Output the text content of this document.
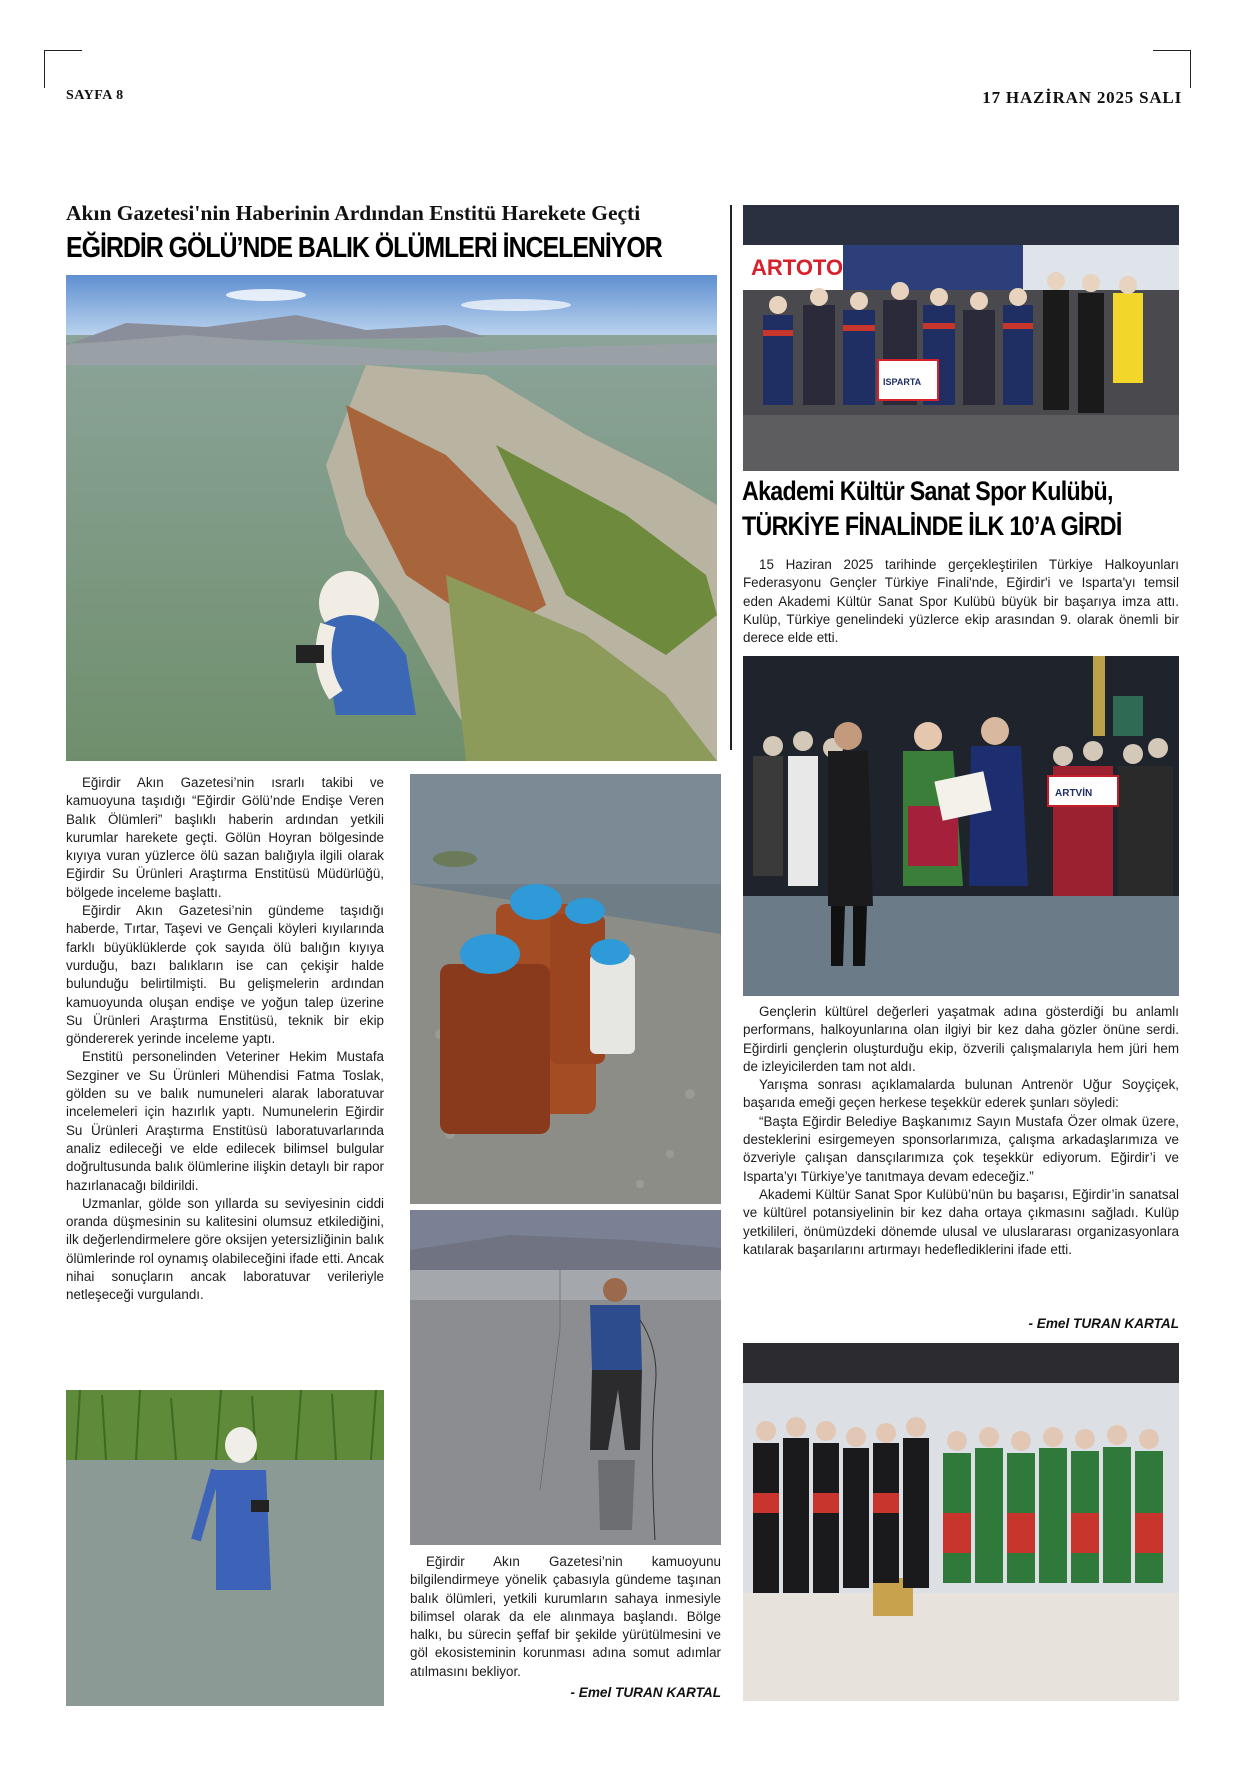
SAYFA 8	17 HAZİRAN 2025 SALI
Akın Gazetesi'nin Haberinin Ardından Enstitü Harekete Geçti
EĞİRDİR GÖLÜ’NDE BALIK ÖLÜMLERİ İNCELENİYOR

Eğirdir Akın Gazetesi’nin ısrarlı takibi ve kamuoyuna taşıdığı “Eğirdir Gölü’nde Endişe Veren Balık Ölümleri” başlıklı haberin ardından yetkili kurumlar harekete geçti. Gölün Hoyran bölgesinde kıyıya vuran yüzlerce ölü sazan balığıyla ilgili olarak Eğirdir Su Ürünleri Araştırma Enstitüsü Müdürlüğü, bölgede inceleme başlattı.

Eğirdir Akın Gazetesi’nin gündeme taşıdığı haberde, Tırtar, Taşevi ve Gençali köyleri kıyılarında farklı büyüklüklerde çok sayıda ölü balığın kıyıya vurduğu, bazı balıkların ise can çekişir halde bulunduğu belirtilmişti. Bu gelişmelerin ardından kamuoyunda oluşan endişe ve yoğun talep üzerine Su Ürünleri Araştırma Enstitüsü, teknik bir ekip göndererek yerinde inceleme yaptı.

Enstitü personelinden Veteriner Hekim Mustafa Sezginer ve Su Ürünleri Mühendisi Fatma Toslak, gölden su ve balık numuneleri alarak laboratuvar incelemeleri için hazırlık yaptı. Numunelerin Eğirdir Su Ürünleri Araştırma Enstitüsü laboratuvarlarında analiz edileceği ve elde edilecek bilimsel bulgular doğrultusunda balık ölümlerine ilişkin detaylı bir rapor hazırlanacağı bildirildi.

Uzmanlar, gölde son yıllarda su seviyesinin ciddi oranda düşmesinin su kalitesini olumsuz etkilediğini, ilk değerlendirmelere göre oksijen yetersizliğinin balık ölümlerinde rol oynamış olabileceğini ifade etti. Ancak nihai sonuçların ancak laboratuvar verileriyle netleşeceği vurgulandı.

Eğirdir Akın Gazetesi’nin kamuoyunu bilgilendirmeye yönelik çabasıyla gündeme taşınan balık ölümleri, yetkili kurumların sahaya inmesiyle bilimsel olarak da ele alınmaya başlandı. Bölge halkı, bu sürecin şeffaf bir şekilde yürütülmesini ve göl ekosisteminin korunması adına somut adımlar atılmasını bekliyor.

- Emel TURAN KARTAL
ARTOTO
ISPARTA
Akademi Kültür Sanat Spor Kulübü,
TÜRKİYE FİNALİNDE İLK 10’A GİRDİ

15 Haziran 2025 tarihinde gerçekleştirilen Türkiye Halkoyunları Federasyonu Gençler Türkiye Finali'nde, Eğirdir'i ve Isparta'yı temsil eden Akademi Kültür Sanat Spor Kulübü büyük bir başarıya imza attı. Kulüp, Türkiye genelindeki yüzlerce ekip arasından 9. olarak önemli bir derece elde etti.

ARTVİN

Gençlerin kültürel değerleri yaşatmak adına gösterdiği bu anlamlı performans, halkoyunlarına olan ilgiyi bir kez daha gözler önüne serdi. Eğirdirli gençlerin oluşturduğu ekip, özverili çalışmalarıyla hem jüri hem de izleyicilerden tam not aldı.

Yarışma sonrası açıklamalarda bulunan Antrenör Uğur Soyçiçek, başarıda emeği geçen herkese teşekkür ederek şunları söyledi:

“Başta Eğirdir Belediye Başkanımız Sayın Mustafa Özer olmak üzere, desteklerini esirgemeyen sponsorlarımıza, çalışma arkadaşlarımıza ve özveriyle çalışan dansçılarımıza çok teşekkür ediyorum. Eğirdir’i ve Isparta’yı Türkiye’ye tanıtmaya devam edeceğiz.”

Akademi Kültür Sanat Spor Kulübü’nün bu başarısı, Eğirdir’in sanatsal ve kültürel potansiyelinin bir kez daha ortaya çıkmasını sağladı. Kulüp yetkilileri, önümüzdeki dönemde ulusal ve uluslararası organizasyonlara katılarak başarılarını artırmayı hedeflediklerini ifade etti.

- Emel TURAN KARTAL
